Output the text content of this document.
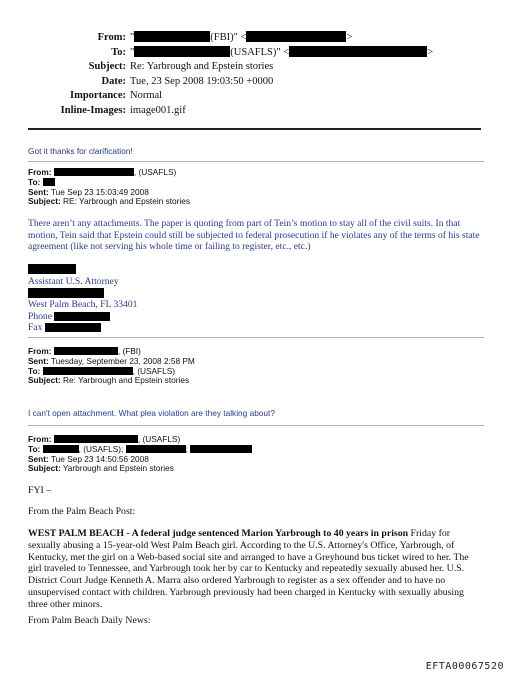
From: "	(FBI)" <	>
To: "	(USAFLS)" <	>
Subject: Re: Yarbrough and Epstein stories
Date: Tue, 23 Sep 2008 19:03:50 +0000
Importance: Normal
Inline-Images: image001.gif
Got it thanks for clarification!
From:	, (USAFLS)
To:
Sent: Tue Sep 23 15:03:49 2008
Subject: RE: Yarbrough and Epstein stories
There aren’t any attachments. The paper is quoting from part of Tein’s motion to stay all of the civil suits. In that motion, Tein said that Epstein could still be subjected to federal prosecution if he violates any of the terms of his state agreement (like not serving his whole time or failing to register, etc., etc.)
Assistant U.S. Attorney
West Palm Beach, FL 33401
Phone
Fax
From:	, (FBI)
Sent: Tuesday, September 23, 2008 2:58 PM
To:	, (USAFLS)
Subject: Re: Yarbrough and Epstein stories
I can't open attachment. What plea violation are they talking about?
From:	, (USAFLS)
To:	, (USAFLS);	;
Sent: Tue Sep 23 14:50:56 2008
Subject: Yarbrough and Epstein stories
FYI –
From the Palm Beach Post:
WEST PALM BEACH - A federal judge sentenced Marion Yarbrough to 40 years in prison Friday for sexually abusing a 15-year-old West Palm Beach girl. According to the U.S. Attorney's Office, Yarbrough, of Kentucky, met the girl on a Web-based social site and arranged to have a Greyhound bus ticket wired to her. The girl traveled to Tennessee, and Yarbrough took her by car to Kentucky and repeatedly sexually abused her. U.S. District Court Judge Kenneth A. Marra also ordered Yarbrough to register as a sex offender and to have no unsupervised contact with children. Yarbrough previously had been charged in Kentucky with sexually abusing three other minors.
From Palm Beach Daily News:
EFTA00067520
